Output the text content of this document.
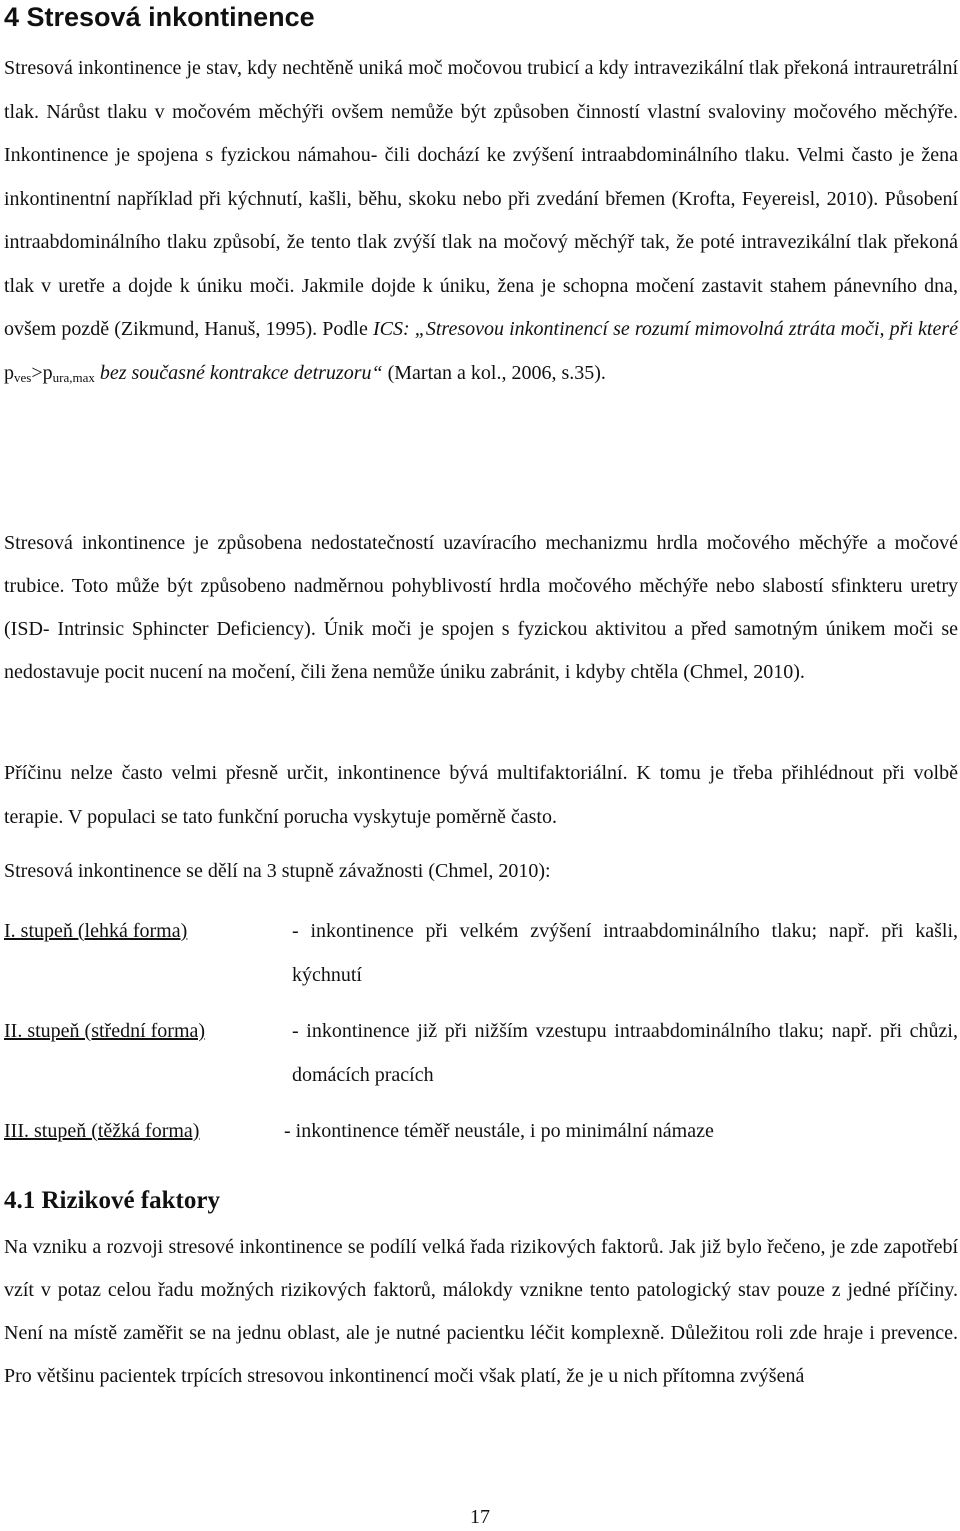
4 Stresová inkontinence

Stresová inkontinence je stav, kdy nechtěně uniká moč močovou trubicí a kdy intravezikální tlak překoná intrauretrální tlak. Nárůst tlaku v močovém měchýři ovšem nemůže být způsoben činností vlastní svaloviny močového měchýře. Inkontinence je spojena s fyzickou námahou- čili dochází ke zvýšení intraabdominálního tlaku. Velmi často je žena inkontinentní například při kýchnutí, kašli, běhu, skoku nebo při zvedání břemen (Krofta, Feyereisl, 2010). Působení intraabdominálního tlaku způsobí, že tento tlak zvýší tlak na močový měchýř tak, že poté intravezikální tlak překoná tlak v uretře a dojde k úniku moči. Jakmile dojde k úniku, žena je schopna močení zastavit stahem pánevního dna, ovšem pozdě (Zikmund, Hanuš, 1995). Podle ICS: „Stresovou inkontinencí se rozumí mimovolná ztráta moči, při které $p_{ves}>p_{ura,max}$ bez současné kontrakce detruzoru“ (Martan a kol., 2006, s.35).

Stresová inkontinence je způsobena nedostatečností uzavíracího mechanizmu hrdla močového měchýře a močové trubice. Toto může být způsobeno nadměrnou pohyblivostí hrdla močového měchýře nebo slabostí sfinkteru uretry (ISD- Intrinsic Sphincter Deficiency). Únik moči je spojen s fyzickou aktivitou a před samotným únikem moči se nedostavuje pocit nucení na močení, čili žena nemůže úniku zabránit, i kdyby chtěla (Chmel, 2010).

Příčinu nelze často velmi přesně určit, inkontinence bývá multifaktoriální. K tomu je třeba přihlédnout při volbě terapie. V populaci se tato funkční porucha vyskytuje poměrně často.

Stresová inkontinence se dělí na 3 stupně závažnosti (Chmel, 2010):

I. stupeň (lehká forma)	- inkontinence při velkém zvýšení intraabdominálního tlaku; např. při kašli, kýchnutí
II. stupeň (střední forma)	- inkontinence již při nižším vzestupu intraabdominálního tlaku; např. při chůzi, domácích pracích
III. stupeň (těžká forma)	- inkontinence téměř neustále, i po minimální námaze
4.1 Rizikové faktory

Na vzniku a rozvoji stresové inkontinence se podílí velká řada rizikových faktorů. Jak již bylo řečeno, je zde zapotřebí vzít v potaz celou řadu možných rizikových faktorů, málokdy vznikne tento patologický stav pouze z jedné příčiny. Není na místě zaměřit se na jednu oblast, ale je nutné pacientku léčit komplexně. Důležitou roli zde hraje i prevence. Pro většinu pacientek trpících stresovou inkontinencí moči však platí, že je u nich přítomna zvýšená

17
